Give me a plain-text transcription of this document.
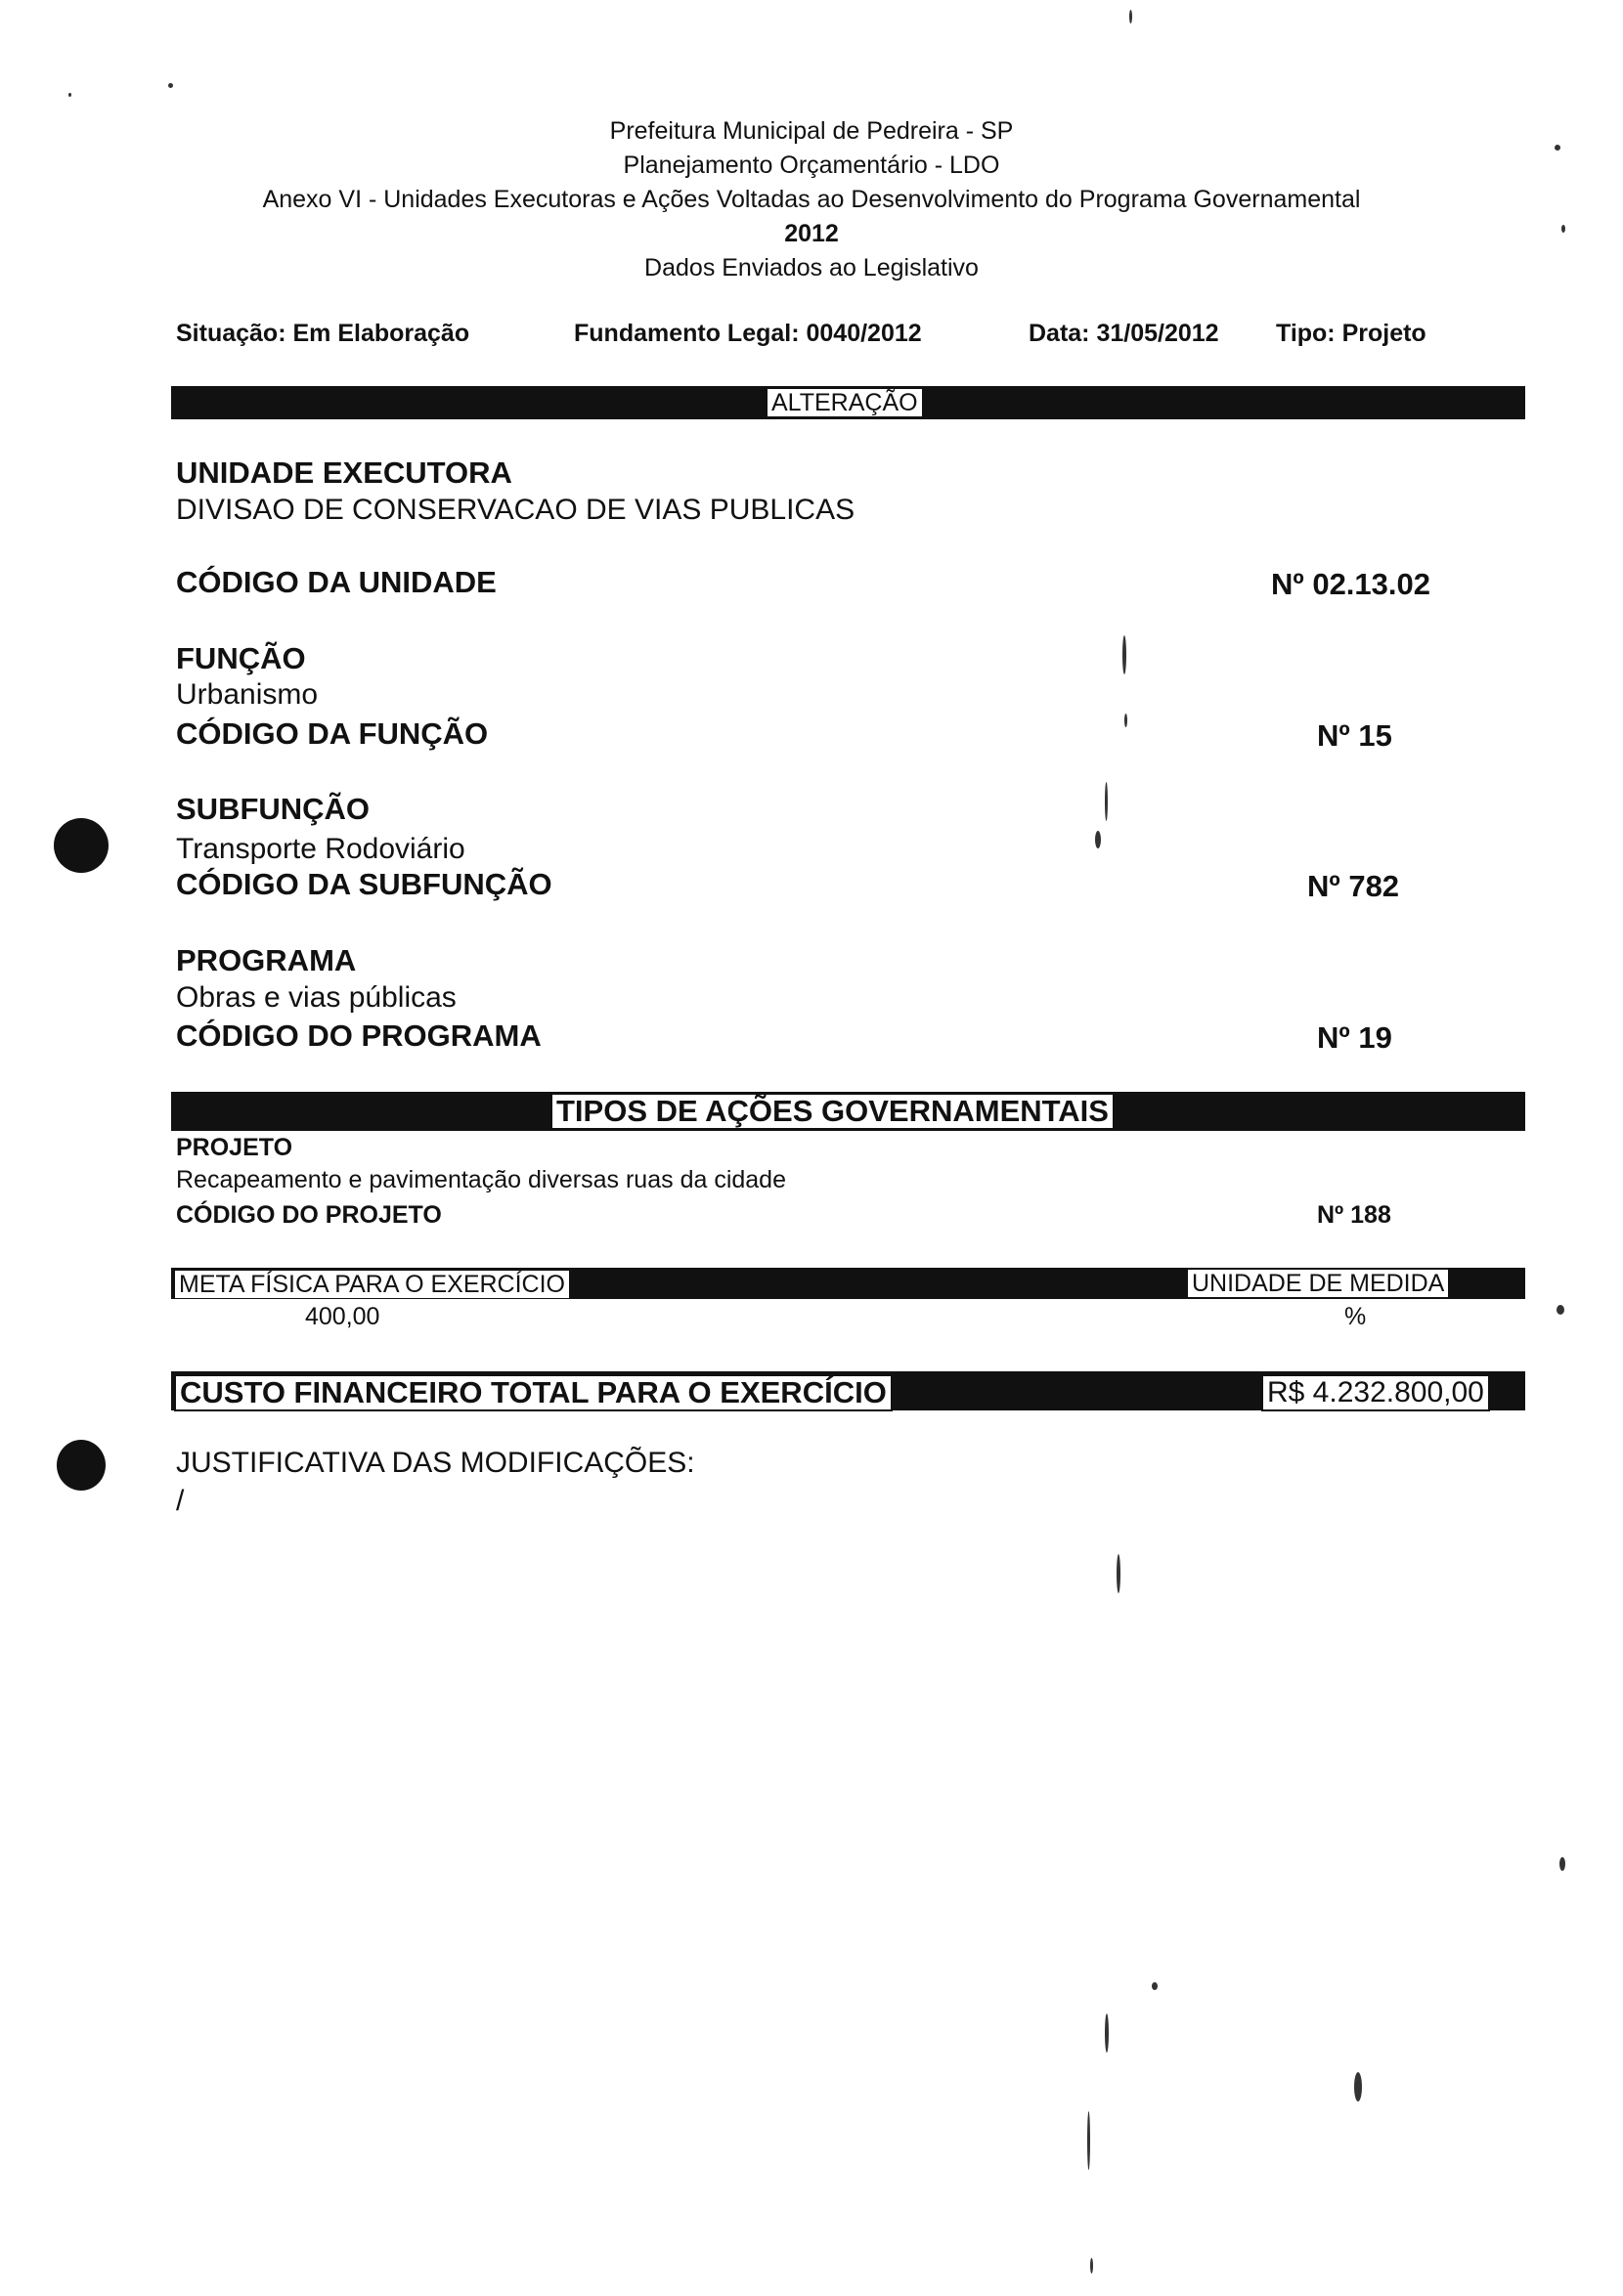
Prefeitura Municipal de Pedreira - SP
Planejamento Orçamentário - LDO
Anexo VI - Unidades Executoras e Ações Voltadas ao Desenvolvimento do Programa Governamental
2012
Dados Enviados ao Legislativo
Situação: Em Elaboração	Fundamento Legal: 0040/2012	Data: 31/05/2012 Tipo: Projeto
ALTERAÇÃO
UNIDADE EXECUTORA
DIVISAO DE CONSERVACAO DE VIAS PUBLICAS
CÓDIGO DA UNIDADE	Nº 02.13.02
FUNÇÃO
Urbanismo
CÓDIGO DA FUNÇÃO	Nº 15
SUBFUNÇÃO
Transporte Rodoviário
CÓDIGO DA SUBFUNÇÃO	Nº 782
PROGRAMA
Obras e vias públicas
CÓDIGO DO PROGRAMA	Nº 19
TIPOS DE AÇÕES GOVERNAMENTAIS
PROJETO
Recapeamento e pavimentação diversas ruas da cidade
CÓDIGO DO PROJETO	Nº 188
META FÍSICA PARA O EXERCÍCIO	UNIDADE DE MEDIDA
400,00	%
CUSTO FINANCEIRO TOTAL PARA O EXERCÍCIO	R$ 4.232.800,00
JUSTIFICATIVA DAS MODIFICAÇÕES:
/
